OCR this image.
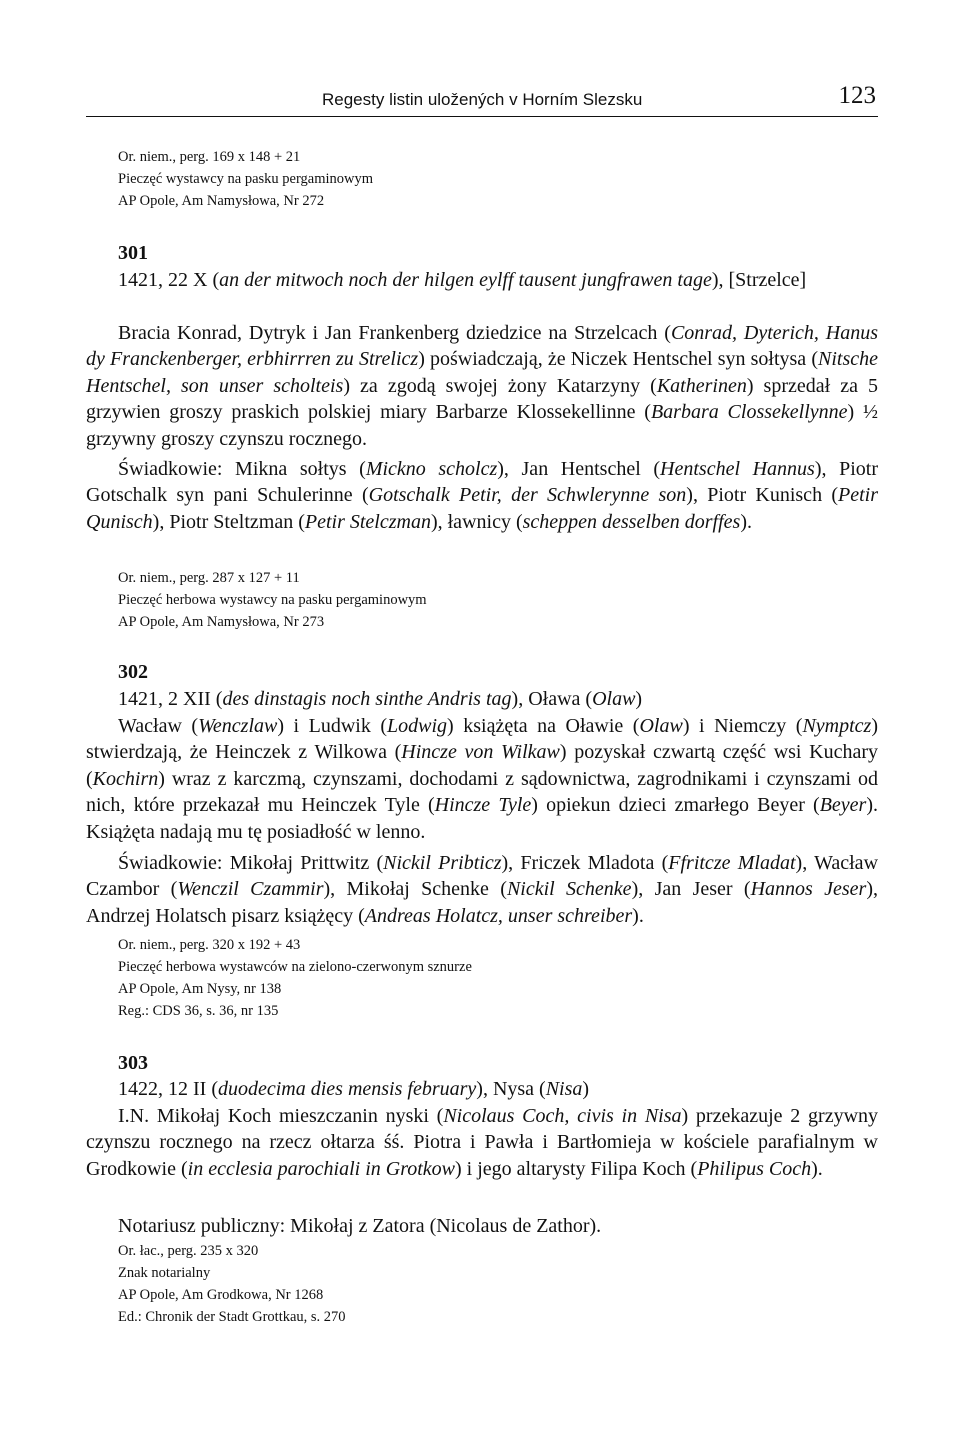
Regesty listin uložených v Horním Slezsku	123
Or. niem., perg. 169 x 148 + 21
Pieczęć wystawcy na pasku pergaminowym
AP Opole, Am Namysłowa, Nr 272
301
1421, 22 X (an der mitwoch noch der hilgen eylff tausent jungfrawen tage), [Strzelce]
Bracia Konrad, Dytryk i Jan Frankenberg dziedzice na Strzelcach (Conrad, Dyterich, Hanus dy Franckenberger, erbhirrren zu Strelicz) poświadczają, że Niczek Hentschel syn sołtysa (Nitsche Hentschel, son unser scholteis) za zgodą swojej żony Katarzyny (Katherinen) sprzedał za 5 grzywien groszy praskich polskiej miary Barbarze Klossekellinne (Barbara Clossekellynne) ½ grzywny groszy czynszu rocznego.
Świadkowie: Mikna sołtys (Mickno scholcz), Jan Hentschel (Hentschel Hannus), Piotr Gotschalk syn pani Schulerinne (Gotschalk Petir, der Schwlerynne son), Piotr Kunisch (Petir Qunisch), Piotr Steltzman (Petir Stelczman), ławnicy (scheppen desselben dorffes).
Or. niem., perg. 287 x 127 + 11
Pieczęć herbowa wystawcy na pasku pergaminowym
AP Opole, Am Namysłowa, Nr 273
302
1421, 2 XII (des dinstagis noch sinthe Andris tag), Oława (Olaw)
Wacław (Wenczlaw) i Ludwik (Lodwig) książęta na Oławie (Olaw) i Niemczy (Nymptcz) stwierdzają, że Heinczek z Wilkowa (Hincze von Wilkaw) pozyskał czwartą część wsi Kuchary (Kochirn) wraz z karczmą, czynszami, dochodami z sądownictwa, zagrodnikami i czynszami od nich, które przekazał mu Heinczek Tyle (Hincze Tyle) opiekun dzieci zmarłego Beyer (Beyer). Książęta nadają mu tę posiadłość w lenno.
Świadkowie: Mikołaj Prittwitz (Nickil Pribticz), Friczek Mladota (Ffritcze Mladat), Wacław Czambor (Wenczil Czammir), Mikołaj Schenke (Nickil Schenke), Jan Jeser (Hannos Jeser), Andrzej Holatsch pisarz książęcy (Andreas Holatcz, unser schreiber).
Or. niem., perg. 320 x 192 + 43
Pieczęć herbowa wystawców na zielono-czerwonym sznurze
AP Opole, Am Nysy, nr 138
Reg.: CDS 36, s. 36, nr 135
303
1422, 12 II (duodecima dies mensis february), Nysa (Nisa)
I.N. Mikołaj Koch mieszczanin nyski (Nicolaus Coch, civis in Nisa) przekazuje 2 grzywny czynszu rocznego na rzecz ołtarza śś. Piotra i Pawła i Bartłomieja w kościele parafialnym w Grodkowie (in ecclesia parochiali in Grotkow) i jego altarysty Filipa Koch (Philipus Coch).
Notariusz publiczny: Mikołaj z Zatora (Nicolaus de Zathor).
Or. łac., perg. 235 x 320
Znak notarialny
AP Opole, Am Grodkowa, Nr 1268
Ed.: Chronik der Stadt Grottkau, s. 270
